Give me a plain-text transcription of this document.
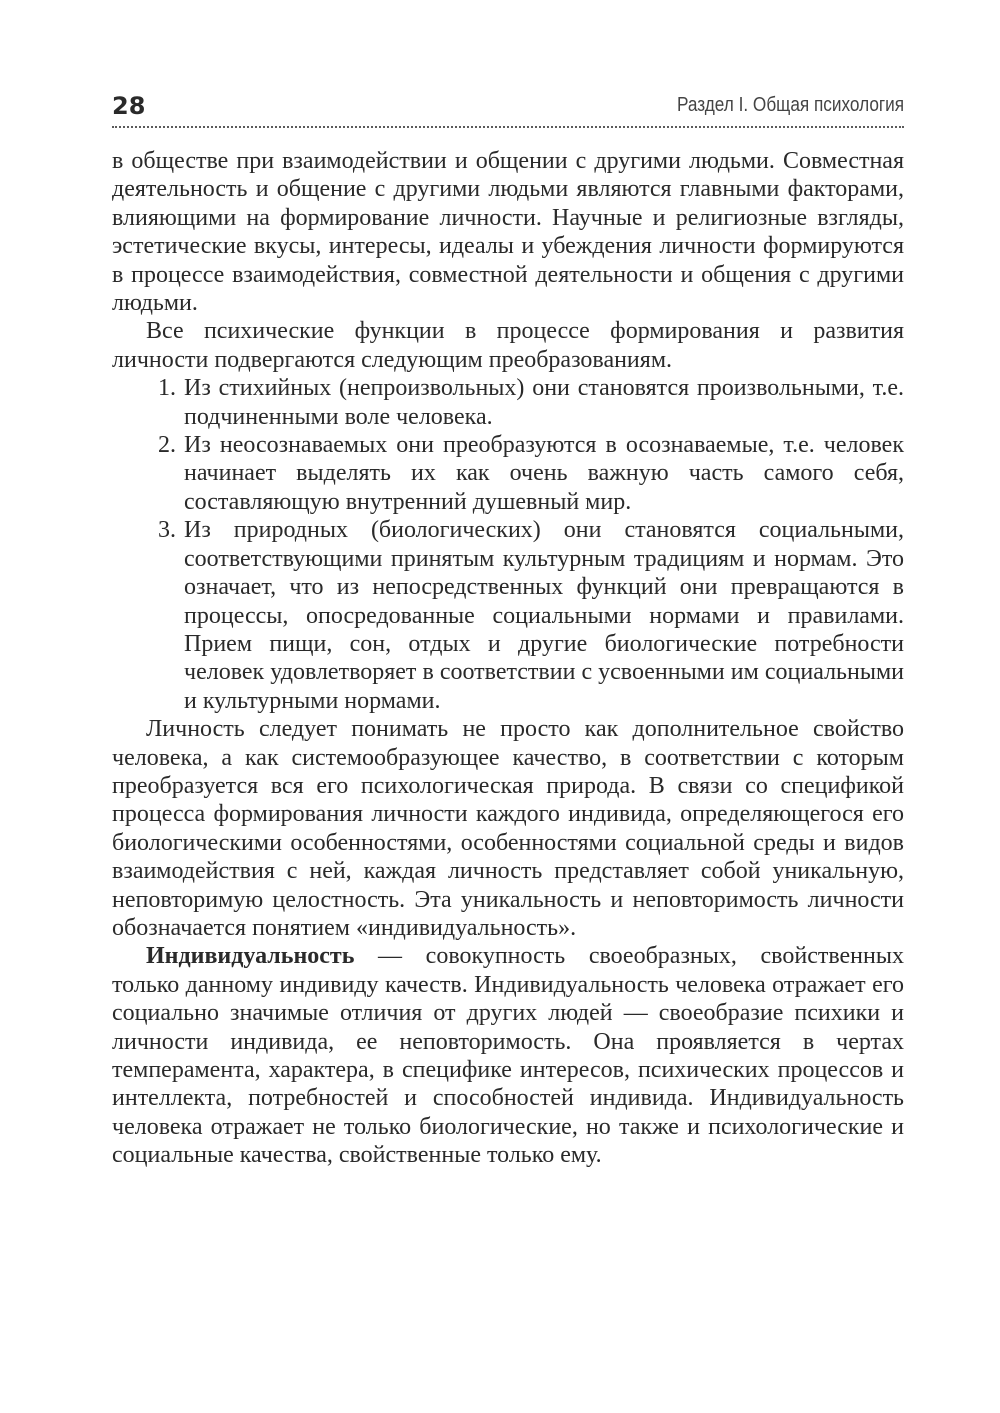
28	Раздел I. Общая психология

в обществе при взаимодействии и общении с другими людьми. Совместная деятельность и общение с другими людьми являются главными факторами, влияющими на формирование личности. Научные и религиозные взгляды, эстетические вкусы, интересы, идеалы и убеждения личности формируются в процессе взаимодействия, совместной деятельности и общения с другими людьми.

Все психические функции в процессе формирования и развития личности подвергаются следующим преобразованиям.

1. Из стихийных (непроизвольных) они становятся произвольными, т.е. подчиненными воле человека.
2. Из неосознаваемых они преобразуются в осознаваемые, т.е. человек начинает выделять их как очень важную часть самого себя, составляющую внутренний душевный мир.
3. Из природных (биологических) они становятся социальными, соответствующими принятым культурным традициям и нормам. Это означает, что из непосредственных функций они превращаются в процессы, опосредованные социальными нормами и правилами. Прием пищи, сон, отдых и другие биологические потребности человек удовлетворяет в соответствии с усвоенными им социальными и культурными нормами.

Личность следует понимать не просто как дополнительное свойство человека, а как системообразующее качество, в соответствии с которым преобразуется вся его психологическая природа. В связи со спецификой процесса формирования личности каждого индивида, определяющегося его биологическими особенностями, особенностями социальной среды и видов взаимодействия с ней, каждая личность представляет собой уникальную, неповторимую целостность. Эта уникальность и неповторимость личности обозначается понятием «индивидуальность».

Индивидуальность — совокупность своеобразных, свойственных только данному индивиду качеств. Индивидуальность человека отражает его социально значимые отличия от других людей — своеобразие психики и личности индивида, ее неповторимость. Она проявляется в чертах темперамента, характера, в специфике интересов, психических процессов и интеллекта, потребностей и способностей индивида. Индивидуальность человека отражает не только биологические, но также и психологические и социальные качества, свойственные только ему.
